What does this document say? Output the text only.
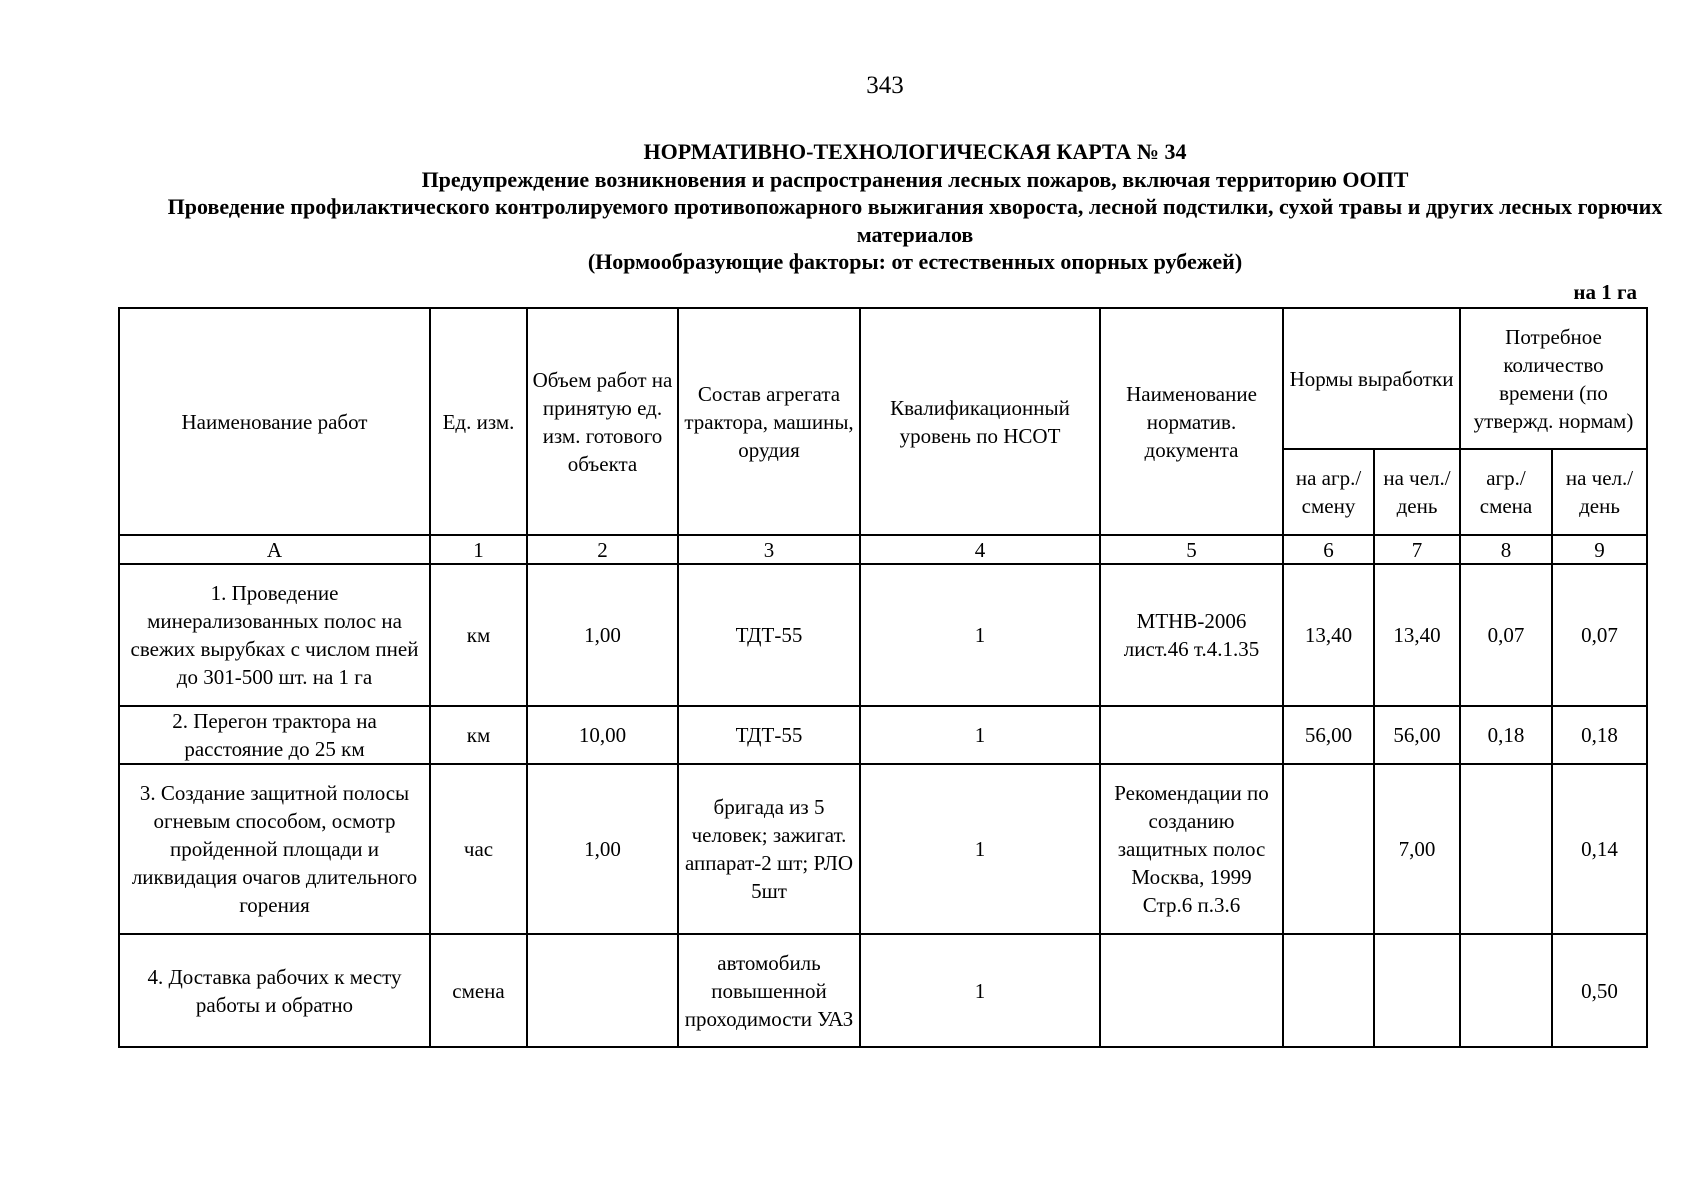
343
НОРМАТИВНО-ТЕХНОЛОГИЧЕСКАЯ КАРТА № 34
Предупреждение возникновения и распространения лесных пожаров, включая территорию ООПТ
Проведение профилактического контролируемого противопожарного выжигания хвороста, лесной подстилки, сухой травы и других лесных горючих материалов
(Нормообразующие факторы: от естественных опорных рубежей)
на 1 га
Наименование работ	Ед. изм.	Объем работ на принятую ед. изм. готового объекта	Состав агрегата трактора, машины, орудия	Квалификационный уровень по НСОТ	Наименование норматив. документа	Нормы выработки		Потребное количество времени (по утвержд. нормам)	
						на агр./ смену	на чел./ день	агр./ смена	на чел./ день
А	1	2	3	4	5	6	7	8	9
1. Проведение минерализованных полос на свежих вырубках с числом пней до 301-500 шт. на 1 га	км	1,00	ТДТ-55	1	МТНВ-2006 лист.46 т.4.1.35	13,40	13,40	0,07	0,07
2. Перегон трактора на расстояние до 25 км	км	10,00	ТДТ-55	1		56,00	56,00	0,18	0,18
3. Создание защитной полосы огневым способом, осмотр пройденной площади и ликвидация очагов длительного горения	час	1,00	бригада из 5 человек; зажигат. аппарат-2 шт; РЛО 5шт	1	Рекомендации по созданию защитных полос Москва, 1999 Стр.6 п.3.6		7,00		0,14
4. Доставка рабочих к месту работы и обратно	смена		автомобиль повышенной проходимости УАЗ	1					0,50
